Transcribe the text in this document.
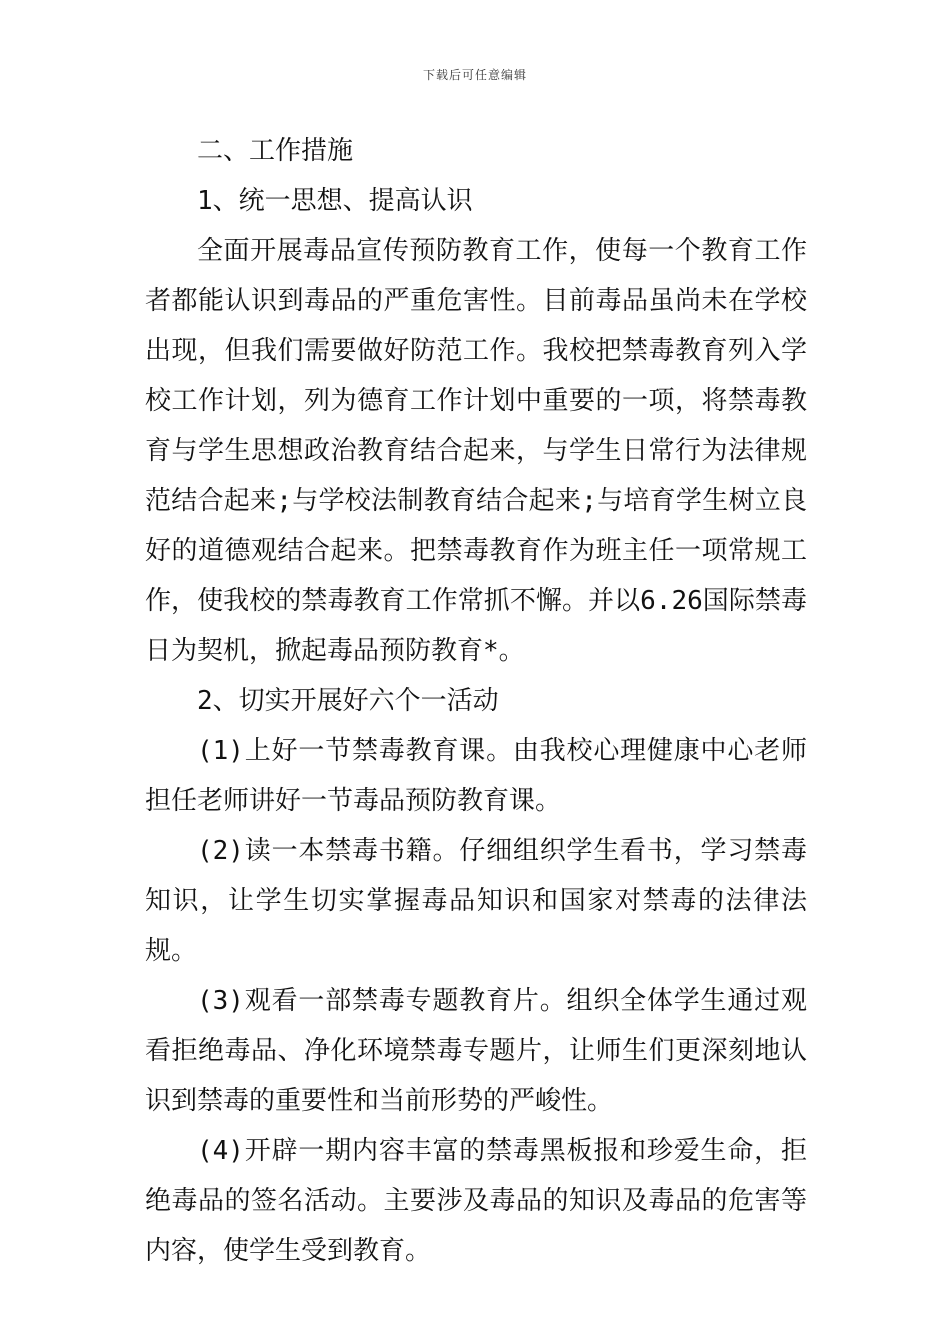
下载后可任意编辑

二、工作措施

1、统一思想、提高认识

全面开展毒品宣传预防教育工作，使每一个教育工作者都能认识到毒品的严重危害性。目前毒品虽尚未在学校出现，但我们需要做好防范工作。我校把禁毒教育列入学校工作计划，列为德育工作计划中重要的一项，将禁毒教育与学生思想政治教育结合起来，与学生日常行为法律规范结合起来;与学校法制教育结合起来;与培育学生树立良好的道德观结合起来。把禁毒教育作为班主任一项常规工作，使我校的禁毒教育工作常抓不懈。并以6.26国际禁毒日为契机，掀起毒品预防教育*。

2、切实开展好六个一活动

(1)上好一节禁毒教育课。由我校心理健康中心老师担任老师讲好一节毒品预防教育课。

(2)读一本禁毒书籍。仔细组织学生看书，学习禁毒知识，让学生切实掌握毒品知识和国家对禁毒的法律法规。

(3)观看一部禁毒专题教育片。组织全体学生通过观看拒绝毒品、净化环境禁毒专题片，让师生们更深刻地认识到禁毒的重要性和当前形势的严峻性。

(4)开辟一期内容丰富的禁毒黑板报和珍爱生命，拒绝毒品的签名活动。主要涉及毒品的知识及毒品的危害等内容，使学生受到教育。
